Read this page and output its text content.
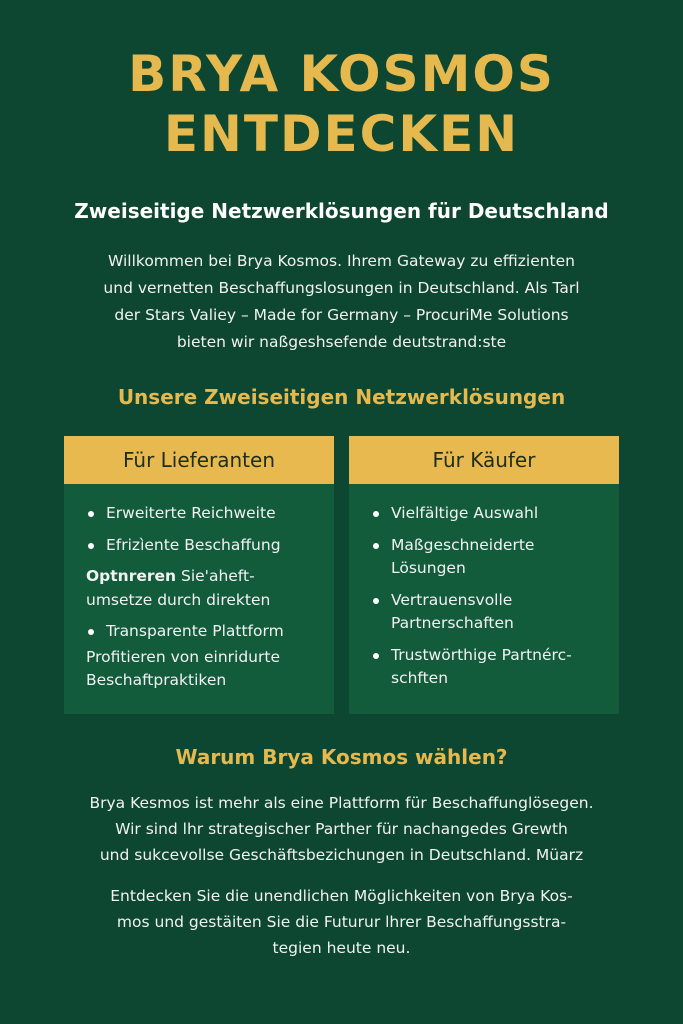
BRYA KOSMOS
ENTDECKEN
Zweiseitige Netzwerklösungen für Deutschland

Willkommen bei Brya Kosmos. Ihrem Gateway zu effizienten
und vernetten Beschaffungslosungen in Deutschland. Als Tarl
der Stars Valiey – Made for Germany – ProcuriMe Solutions
bieten wir naßgeshsefende deutstrand:ste

Unsere Zweiseitigen Netzwerklösungen
Für Lieferanten
Erweiterte Reichweite
Efrizìente Beschaffung
Optnreren Sie'aheft-
umsetze durch direkten
Transparente Plattform
Profitieren von einridurte
Beschaftpraktiken
Für Käufer
Vielfältige Auswahl
Maßgeschneiderte
Lösungen
Vertrauensvolle
Partnerschaften
Trustwörthige Partnérc-
schften
Warum Brya Kosmos wählen?

Brya Kesmos ist mehr als eine Plattform für Beschaffunglösegen.
Wir sind lhr strategischer Parther für nachangedes Grewth
und sukcevollse Geschäftsbezichungen in Deutschland. Müarz

Entdecken Sie die unendlichen Möglichkeiten von Brya Kos-
mos und gestäiten Sie die Futurur lhrer Beschaffungsstra-
tegien heute neu.
